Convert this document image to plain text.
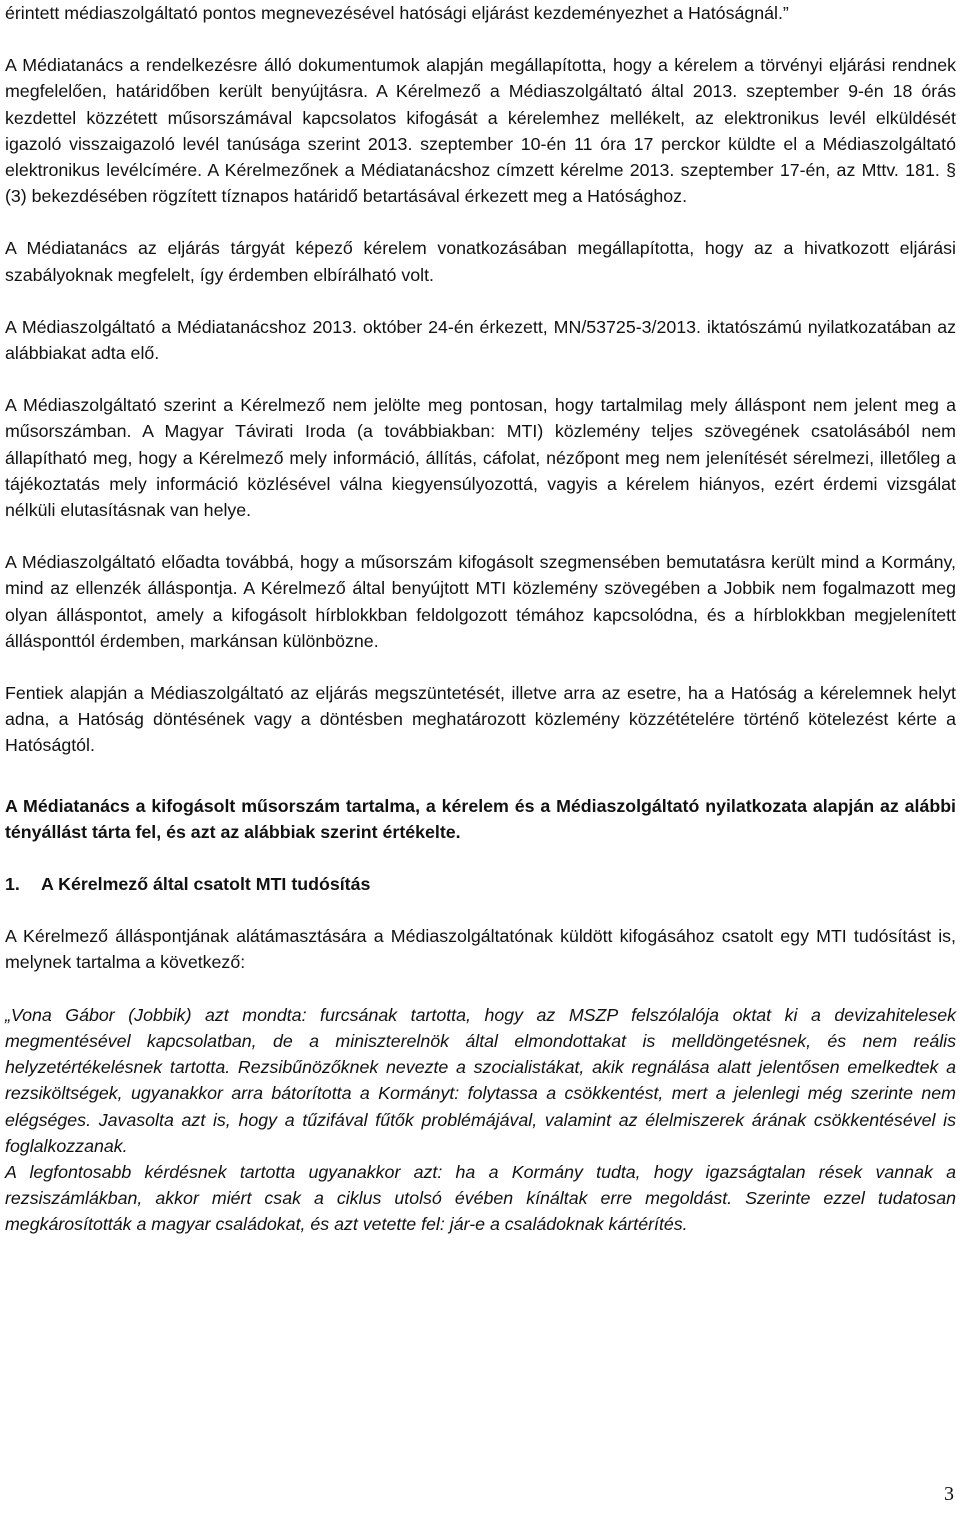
érintett médiaszolgáltató pontos megnevezésével hatósági eljárást kezdeményezhet a Hatóságnál.”

A Médiatanács a rendelkezésre álló dokumentumok alapján megállapította, hogy a kérelem a törvényi eljárási rendnek megfelelően, határidőben került benyújtásra. A Kérelmező a Médiaszolgáltató által 2013. szeptember 9-én 18 órás kezdettel közzétett műsorszámával kapcsolatos kifogását a kérelemhez mellékelt, az elektronikus levél elküldését igazoló visszaigazoló levél tanúsága szerint 2013. szeptember 10-én 11 óra 17 perckor küldte el a Médiaszolgáltató elektronikus levélcímére. A Kérelmezőnek a Médiatanácshoz címzett kérelme 2013. szeptember 17-én, az Mttv. 181. § (3) bekezdésében rögzített tíznapos határidő betartásával érkezett meg a Hatósághoz.

A Médiatanács az eljárás tárgyát képező kérelem vonatkozásában megállapította, hogy az a hivatkozott eljárási szabályoknak megfelelt, így érdemben elbírálható volt.

A Médiaszolgáltató a Médiatanácshoz 2013. október 24-én érkezett, MN/53725-3/2013. iktatószámú nyilatkozatában az alábbiakat adta elő.

A Médiaszolgáltató szerint a Kérelmező nem jelölte meg pontosan, hogy tartalmilag mely álláspont nem jelent meg a műsorszámban. A Magyar Távirati Iroda (a továbbiakban: MTI) közlemény teljes szövegének csatolásából nem állapítható meg, hogy a Kérelmező mely információ, állítás, cáfolat, nézőpont meg nem jelenítését sérelmezi, illetőleg a tájékoztatás mely információ közlésével válna kiegyensúlyozottá, vagyis a kérelem hiányos, ezért érdemi vizsgálat nélküli elutasításnak van helye.

A Médiaszolgáltató előadta továbbá, hogy a műsorszám kifogásolt szegmensében bemutatásra került mind a Kormány, mind az ellenzék álláspontja. A Kérelmező által benyújtott MTI közlemény szövegében a Jobbik nem fogalmazott meg olyan álláspontot, amely a kifogásolt hírblokkban feldolgozott témához kapcsolódna, és a hírblokkban megjelenített állásponttól érdemben, markánsan különbözne.

Fentiek alapján a Médiaszolgáltató az eljárás megszüntetését, illetve arra az esetre, ha a Hatóság a kérelemnek helyt adna, a Hatóság döntésének vagy a döntésben meghatározott közlemény közzétételére történő kötelezést kérte a Hatóságtól.

A Médiatanács a kifogásolt műsorszám tartalma, a kérelem és a Médiaszolgáltató nyilatkozata alapján az alábbi tényállást tárta fel, és azt az alábbiak szerint értékelte.

1. A Kérelmező által csatolt MTI tudósítás

A Kérelmező álláspontjának alátámasztására a Médiaszolgáltatónak küldött kifogásához csatolt egy MTI tudósítást is, melynek tartalma a következő:

„Vona Gábor (Jobbik) azt mondta: furcsának tartotta, hogy az MSZP felszólalója oktat ki a devizahitelesek megmentésével kapcsolatban, de a miniszterelnök által elmondottakat is melldöngetésnek, és nem reális helyzetértékelésnek tartotta. Rezsibűnözőknek nevezte a szocialistákat, akik regnálása alatt jelentősen emelkedtek a rezsiköltségek, ugyanakkor arra bátorította a Kormányt: folytassa a csökkentést, mert a jelenlegi még szerinte nem elégséges. Javasolta azt is, hogy a tűzifával fűtők problémájával, valamint az élelmiszerek árának csökkentésével is foglalkozzanak.

A legfontosabb kérdésnek tartotta ugyanakkor azt: ha a Kormány tudta, hogy igazságtalan rések vannak a rezsiszámlákban, akkor miért csak a ciklus utolsó évében kínáltak erre megoldást. Szerinte ezzel tudatosan megkárosították a magyar családokat, és azt vetette fel: jár-e a családoknak kártérítés.

3
